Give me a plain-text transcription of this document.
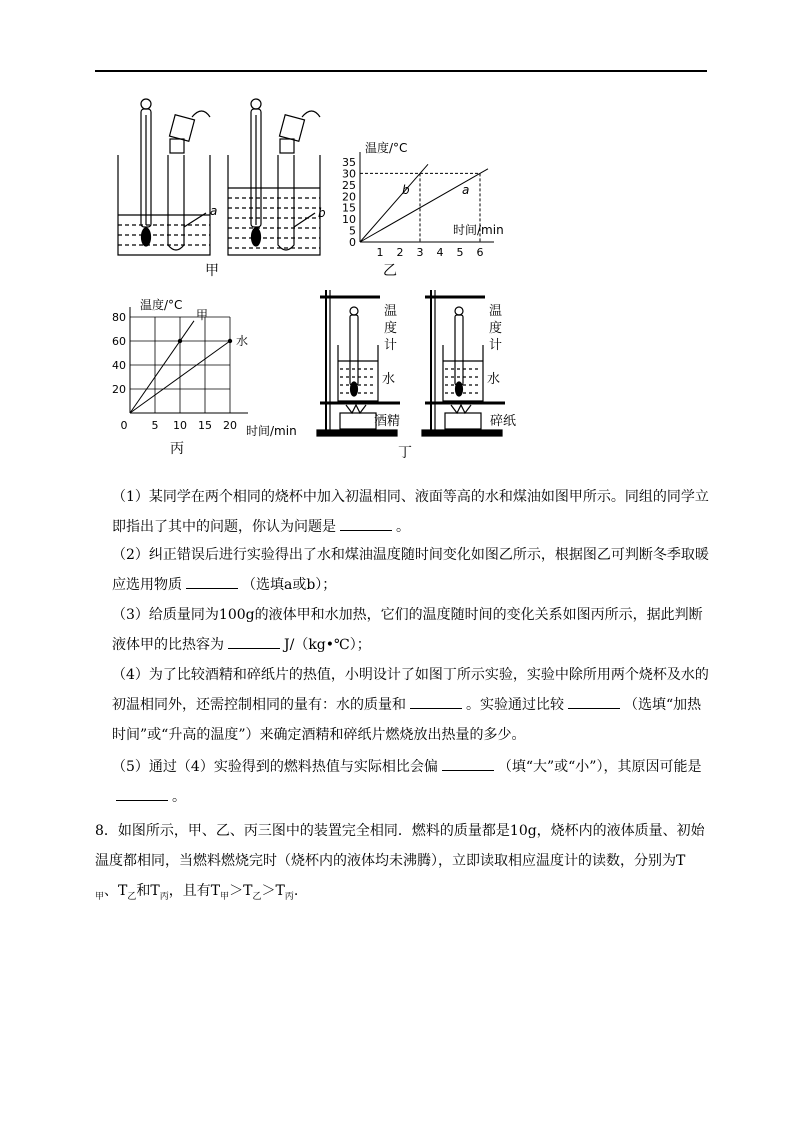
a	b
甲
0
5
10
15
20
25
30
35
1 2 3 4 5 6
b	a
温度/°C
时间/min
乙
20
40
60
80
0 5 10 15 20
甲
水
温度/°C
时间/min
丙
温
度
计
温
度
计
水	水
酒精	碎纸
丁
（1）某同学在两个相同的烧杯中加入初温相同、液面等高的水和煤油如图甲所示。同组的同学立即指出了其中的问题，你认为问题是	。
（2）纠正错误后进行实验得出了水和煤油温度随时间变化如图乙所示，根据图乙可判断冬季取暖应选用物质	（选填a或b）；
（3）给质量同为100g的液体甲和水加热，它们的温度随时间的变化关系如图丙所示，据此判断液体甲的比热容为	J/（kg•℃）；
（4）为了比较酒精和碎纸片的热值，小明设计了如图丁所示实验，实验中除所用两个烧杯及水的初温相同外，还需控制相同的量有：水的质量和	。实验通过比较	（选填“加热时间”或“升高的温度”）来确定酒精和碎纸片燃烧放出热量的多少。
（5）通过（4）实验得到的燃料热值与实际相比会偏	（填“大”或“小”），其原因可能是。
8．如图所示，甲、乙、丙三图中的装置完全相同．燃料的质量都是10g，烧杯内的液体质量、初始温度都相同，当燃料燃烧完时（烧杯内的液体均未沸腾），立即读取相应温度计的读数，分别为$T_甲$、$T_乙$和$T_丙$，且有$T_甲>T_乙>T_丙$.
